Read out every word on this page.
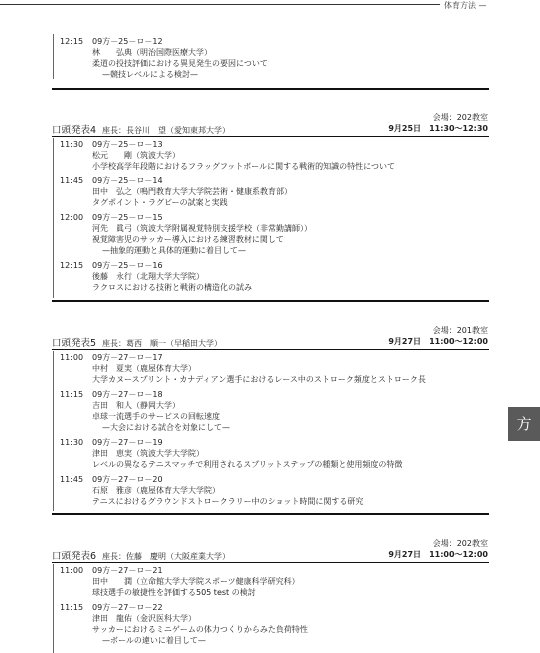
体育方法 —
12:15	09方－25－ロ－12
林　　弘典（明治国際医療大学）
柔道の投技評価における異見発生の要因について
—競技レベルによる検討—
会場：202教室
口頭発表4 座長：長谷川　望（愛知東邦大学）	9月25日 11:30〜12:30
11:30	09方－25－ロ－13
松元　　剛（筑波大学）
小学校高学年段階におけるフラッグフットボールに関する戦術的知識の特性について
11:45	09方－25－ロ－14
田中　弘之（鳴門教育大学大学院芸術・健康系教育部）
タグポイント・ラグビーの試案と実践
12:00	09方－25－ロ－15
河先　眞弓（筑波大学附属視覚特別支援学校（非常勤講師））
視覚障害児のサッカー導入における練習教材に関して
—抽象的運動と具体的運動に着目して—
12:15	09方－25－ロ－16
後藤　永行（北翔大学大学院）
ラクロスにおける技術と戦術の構造化の試み
会場：201教室
口頭発表5 座長：葛西　順一（早稲田大学）	9月27日 11:00〜12:00
11:00	09方－27－ロ－17
中村　夏実（鹿屋体育大学）
大学カヌースプリント・カナディアン選手におけるレース中のストローク頻度とストローク長
11:15	09方－27－ロ－18
吉田　和人（静岡大学）
卓球一流選手のサービスの回転速度
—大会における試合を対象にして—
11:30	09方－27－ロ－19
津田　恵実（筑波大学大学院）
レベルの異なるテニスマッチで利用されるスプリットステップの種類と使用頻度の特徴
11:45	09方－27－ロ－20
石原　雅彦（鹿屋体育大学大学院）
テニスにおけるグラウンドストロークラリー中のショット時間に関する研究
会場：202教室
口頭発表6 座長：佐藤　慶明（大阪産業大学）	9月27日 11:00〜12:00
11:00	09方－27－ロ－21
田中　　潤（立命館大学大学院スポーツ健康科学研究科）
球技選手の敏捷性を評価する505 test の検討
11:15	09方－27－ロ－22
津田　龍佑（金沢医科大学）
サッカーにおけるミニゲームの体力つくりからみた負荷特性
—ボールの違いに着目して—
方
